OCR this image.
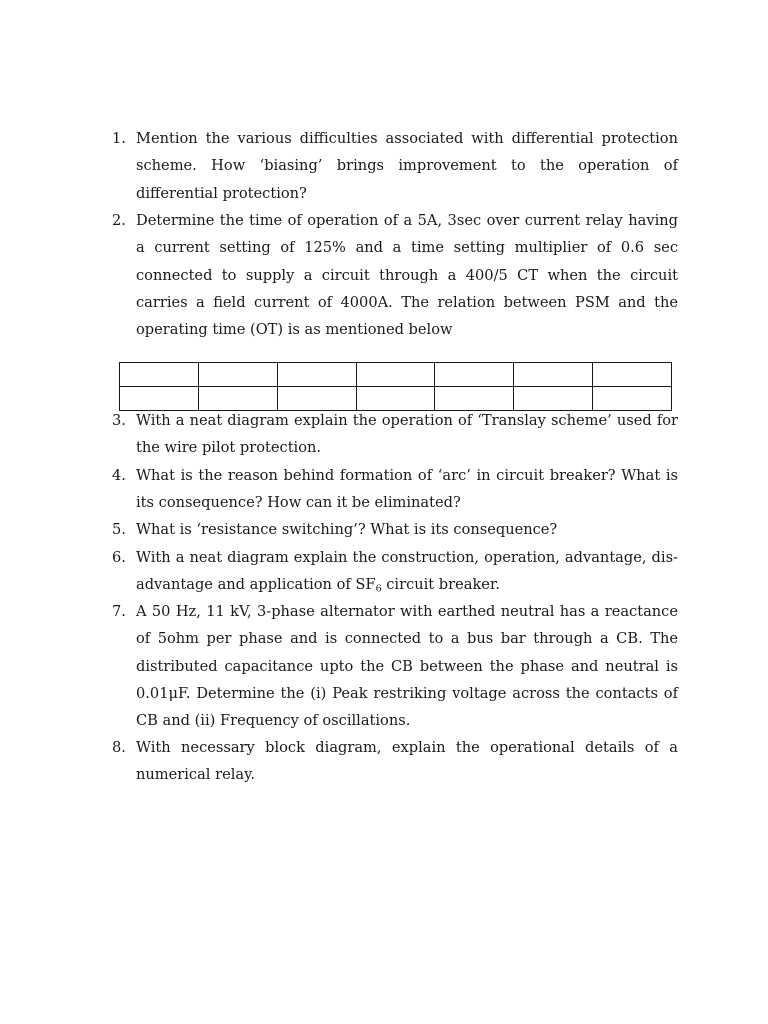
1. Mention the various difficulties associated with differential protection scheme. How ‘biasing’ brings improvement to the operation of differential protection?
2. Determine the time of operation of a 5A, 3sec over current relay having a current setting of 125% and a time setting multiplier of 0.6 sec connected to supply a circuit through a 400/5 CT when the circuit carries a field current of 4000A. The relation between PSM and the operating time (OT) is as mentioned below

3. With a neat diagram explain the operation of ‘Translay scheme’ used for the wire pilot protection.
4. What is the reason behind formation of ‘arc’ in circuit breaker? What is its consequence? How can it be eliminated?
5. What is ‘resistance switching’? What is its consequence?
6. With a neat diagram explain the construction, operation, advantage, dis-advantage and application of $SF_6$ circuit breaker.
7. A 50 Hz, 11 kV, 3-phase alternator with earthed neutral has a reactance of 5ohm per phase and is connected to a bus bar through a CB. The distributed capacitance upto the CB between the phase and neutral is 0.01μF. Determine the (i) Peak restriking voltage across the contacts of CB and (ii) Frequency of oscillations.
8. With necessary block diagram, explain the operational details of a numerical relay.
